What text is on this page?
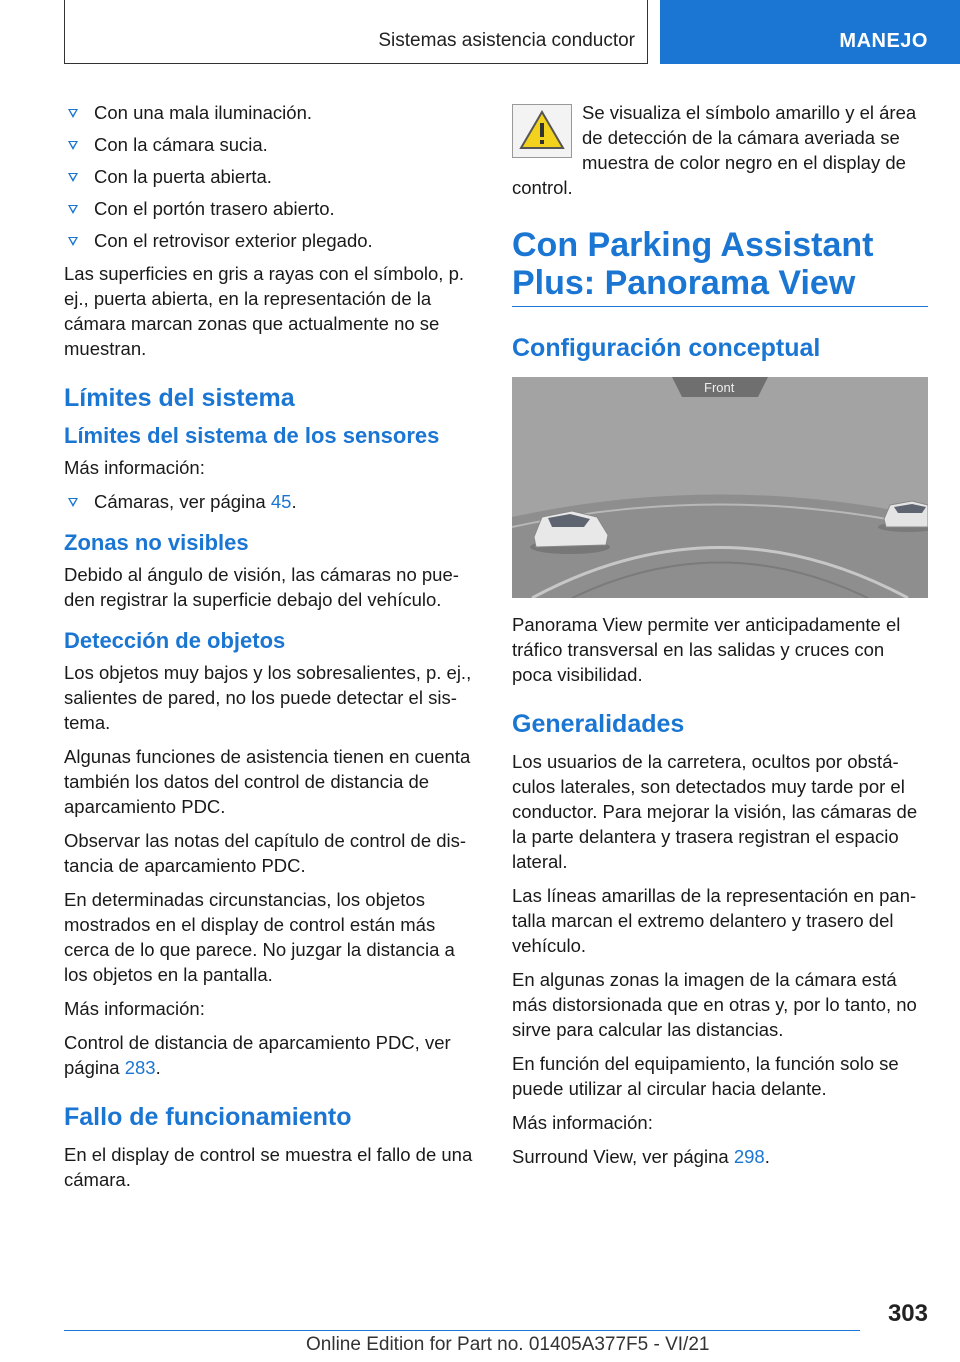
Sistemas asistencia conductor	MANEJO
Con una mala iluminación.
Con la cámara sucia.
Con la puerta abierta.
Con el portón trasero abierto.
Con el retrovisor exterior plegado.

Las superficies en gris a rayas con el símbolo, p. ej., puerta abierta, en la representación de la cámara marcan zonas que actualmente no se muestran.

Límites del sistema
Límites del sistema de los sensores

Más información:

Cámaras, ver página 45.
Zonas no visibles

Debido al ángulo de visión, las cámaras no pue‐den registrar la superficie debajo del vehículo.

Detección de objetos

Los objetos muy bajos y los sobresalientes, p. ej., salientes de pared, no los puede detectar el sis‐tema.

Algunas funciones de asistencia tienen en cuenta también los datos del control de distancia de aparcamiento PDC.

Observar las notas del capítulo de control de dis‐tancia de aparcamiento PDC.

En determinadas circunstancias, los objetos mostrados en el display de control están más cerca de lo que parece. No juzgar la distancia a los objetos en la pantalla.

Más información:

Control de distancia de aparcamiento PDC, ver página 283.

Fallo de funcionamiento

En el display de control se muestra el fallo de una cámara.

Se visualiza el símbolo amarillo y el área de detección de la cámara averiada se muestra de color negro en el display de control.

Con Parking Assistant Plus: Panorama View
Configuración conceptual
Front

Panorama View permite ver anticipadamente el tráfico transversal en las salidas y cruces con poca visibilidad.

Generalidades

Los usuarios de la carretera, ocultos por obstá‐culos laterales, son detectados muy tarde por el conductor. Para mejorar la visión, las cámaras de la parte delantera y trasera registran el espacio lateral.

Las líneas amarillas de la representación en pan‐talla marcan el extremo delantero y trasero del vehículo.

En algunas zonas la imagen de la cámara está más distorsionada que en otras y, por lo tanto, no sirve para calcular las distancias.

En función del equipamiento, la función solo se puede utilizar al circular hacia delante.

Más información:

Surround View, ver página 298.

303
Online Edition for Part no. 01405A377F5 - VI/21
